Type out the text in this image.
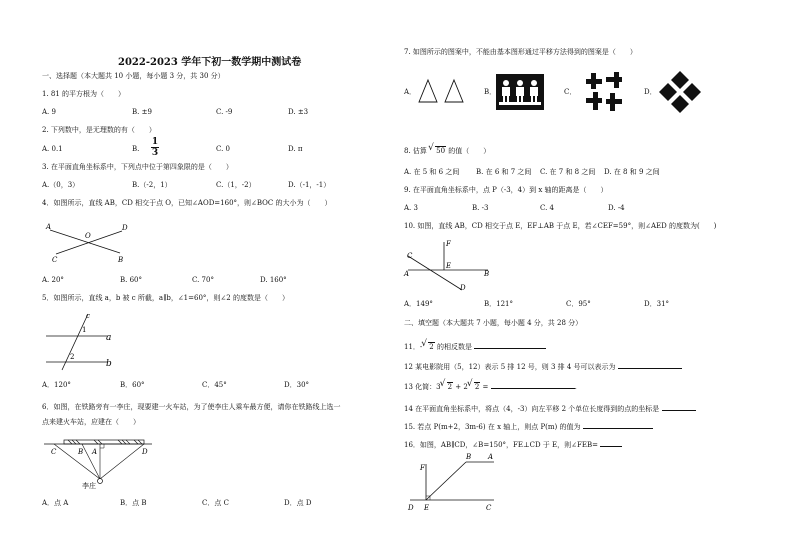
2022-2023 学年下初一数学期中测试卷
一、选择题（本大题共 10 小题，每小题 3 分，共 30 分）
1. 81 的平方根为（　　）
A. 9	B. ±9	C. -9	D. ±3
2. 下列数中，是无理数的有（　　）
A. 0.1	B.
1
3	C. 0	D. π
3. 在平面直角坐标系中，下列点中位于第四象限的是（　　）
A.（0，3）	B.（-2，1）	C.（1，-2）	D.（-1，-1）
4．如图所示，直线 AB，CD 相交于点 O，已知∠AOD=160°，则∠BOC 的大小为（　　）
A	D
O
C	B
A. 20°	B. 60°	C. 70°	D. 160°
5．如图所示，直线 a，b 被 c 所截，a∥b，∠1=60°，则∠2 的度数是（　　）
c
a
b
1
2
A．120°	B．60°	C．45°	D．30°
6．如图，在铁路旁有一李庄，现要建一火车站，为了使李庄人乘车最方便，请你在铁路线上选一
点来建火车站，应建在（　　）
C	B A	D
李庄
A．点 A	B．点 B	C．点 C	D．点 D
7. 如图所示的图案中，不能由基本图形通过平移方法得到的图案是（　　）
A．	B．	C．	D．
8. 估算 √ 50 的值（　　）
A. 在 5 和 6 之间 B. 在 6 和 7 之间 C. 在 7 和 8 之间 D. 在 8 和 9 之间
9. 在平面直角坐标系中，点 P（-3，4）到 x 轴的距离是（　　）
A. 3	B. -3	C. 4	D. -4
10. 如图，直线 AB，CD 相交于点 E，EF⊥AB 于点 E，若∠CEF=59°，则∠AED 的度数为(　　)
F
C
A
E
B
D
A．149°	B．121°	C．95°	D．31°
二、填空题（本大题共 7 小题，每小题 4 分，共 28 分）
11．- √ 2 的相反数是
12 某电影院用（5，12）表示 5 排 12 号，则 3 排 4 号可以表示为
13 化简：3 √ 2 + 2 √ 2 =	.
14 在平面直角坐标系中，将点（4，-3）向左平移 2 个单位长度得到的点的坐标是
15. 若点 P(m+2，3m-6) 在 x 轴上，则点 P(m) 的值为
16．如图，AB∥CD，∠B=150°，FE⊥CD 于 E，则∠FEB=
F
B A
D E	C
